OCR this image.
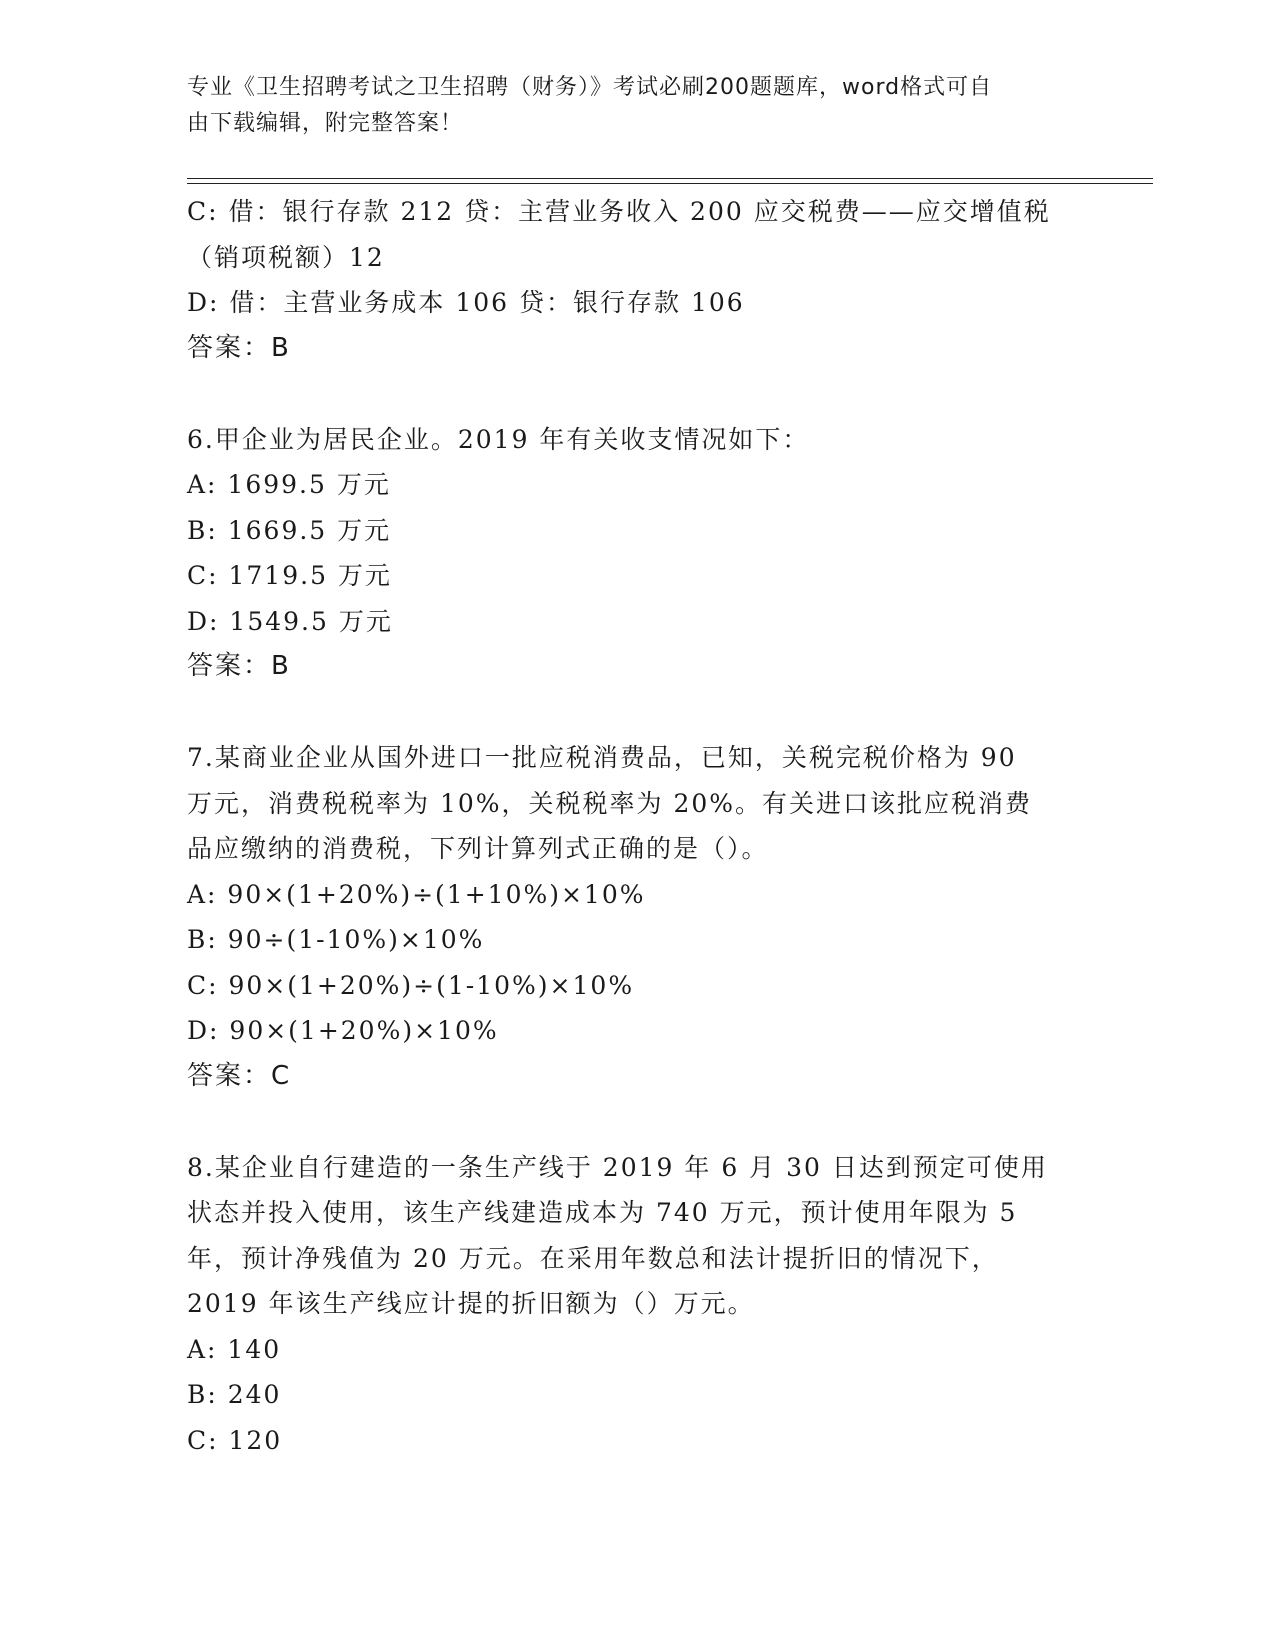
专业《卫生招聘考试之卫生招聘（财务）》考试必刷200题题库，word格式可自
由下载编辑，附完整答案！
C: 借：银行存款 212 贷：主营业务收入 200 应交税费——应交增值税
（销项税额）12
D: 借：主营业务成本 106 贷：银行存款 106
答案：B
6.甲企业为居民企业。2019 年有关收支情况如下：
A: 1699.5 万元
B: 1669.5 万元
C: 1719.5 万元
D: 1549.5 万元
答案：B
7.某商业企业从国外进口一批应税消费品，已知，关税完税价格为 90
万元，消费税税率为 10%，关税税率为 20%。有关进口该批应税消费
品应缴纳的消费税，下列计算列式正确的是（）。
A: 90×(1+20%)÷(1+10%)×10%
B: 90÷(1-10%)×10%
C: 90×(1+20%)÷(1-10%)×10%
D: 90×(1+20%)×10%
答案：C
8.某企业自行建造的一条生产线于 2019 年 6 月 30 日达到预定可使用
状态并投入使用，该生产线建造成本为 740 万元，预计使用年限为 5
年，预计净残值为 20 万元。在采用年数总和法计提折旧的情况下，
2019 年该生产线应计提的折旧额为（）万元。
A: 140
B: 240
C: 120
